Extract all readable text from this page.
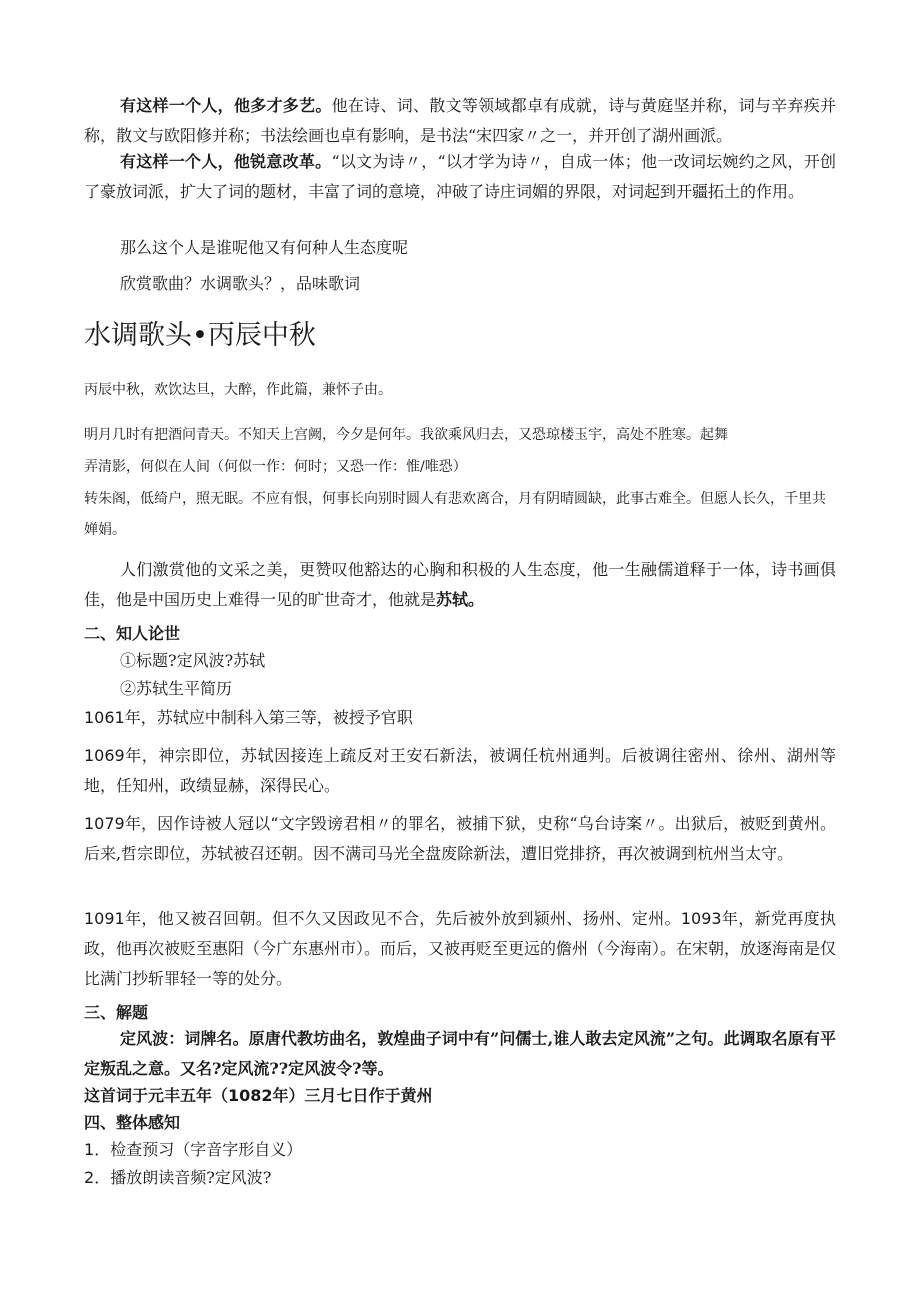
有这样一个人，他多才多艺。他在诗、词、散文等领域都卓有成就，诗与黄庭坚并称，词与辛弃疾并称，散文与欧阳修并称；书法绘画也卓有影响，是书法“宋四家〃之一，并开创了湖州画派。

有这样一个人，他锐意改革。“以文为诗〃，“以才学为诗〃，自成一体；他一改词坛婉约之风，开创了豪放词派，扩大了词的题材，丰富了词的意境，冲破了诗庄词媚的界限，对词起到开疆拓土的作用。

那么这个人是谁呢他又有何种人生态度呢

欣赏歌曲？水调歌头？，品味歌词

水调歌头•丙辰中秋

丙辰中秋，欢饮达旦，大醉，作此篇，兼怀子由。

明月几时有把酒问青天。不知天上宫阙，今夕是何年。我欲乘风归去，又恐琼楼玉宇，高处不胜寒。起舞

弄清影，何似在人间（何似一作：何时；又恐一作：惟/唯恐）

转朱阁，低绮户，照无眠。不应有恨，何事长向别时圆人有悲欢离合，月有阴晴圆缺，此事古难全。但愿人长久，千里共婵娟。

人们激赏他的文采之美，更赞叹他豁达的心胸和积极的人生态度，他一生融儒道释于一体，诗书画俱佳，他是中国历史上难得一见的旷世奇才，他就是苏轼。

二、知人论世
①标题?定风波?苏轼
②苏轼生平简历

1061年，苏轼应中制科入第三等，被授予官职

1069年，神宗即位，苏轼因接连上疏反对王安石新法，被调任杭州通判。后被调往密州、徐州、湖州等地，任知州，政绩显赫，深得民心。

1079年，因作诗被人冠以“文字毁谤君相〃的罪名，被捕下狱，史称“乌台诗案〃。出狱后，被贬到黄州。后来,哲宗即位，苏轼被召还朝。因不满司马光全盘废除新法，遭旧党排挤，再次被调到杭州当太守。

1091年，他又被召回朝。但不久又因政见不合，先后被外放到颍州、扬州、定州。1093年，新党再度执政，他再次被贬至惠阳（今广东惠州市）。而后，又被再贬至更远的儋州（今海南）。在宋朝，放逐海南是仅比满门抄斩罪轻一等的处分。

三、解题

定风波：词牌名。原唐代教坊曲名，敦煌曲子词中有”问儒士,谁人敢去定风流”之句。此调取名原有平定叛乱之意。又名?定风流??定风波令?等。

这首词于元丰五年（1082年）三月七日作于黄州

四、整体感知

1．检查预习（字音字形自义）

2．播放朗读音频?定风波?
